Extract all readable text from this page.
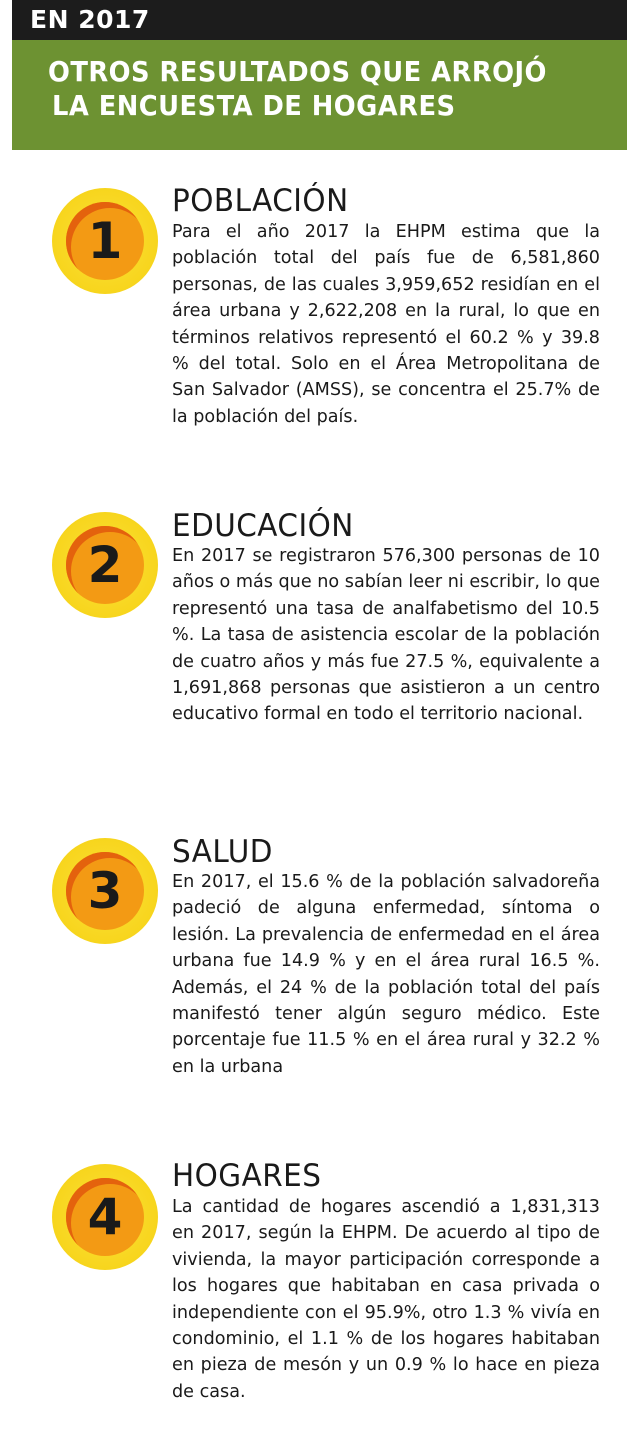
EN 2017
OTROS RESULTADOS QUE ARROJÓ
LA ENCUESTA DE HOGARES
1
POBLACIÓN
Para el año 2017 la EHPM estima que la población total del país fue de 6,581,860 personas, de las cuales 3,959,652 residían en el área urbana y 2,622,208 en la rural, lo que en términos relativos representó el 60.2 % y 39.8 % del total. Solo en el Área Metropolitana de San Salvador (AMSS), se concentra el 25.7% de la población del país.
2
EDUCACIÓN
En 2017 se registraron 576,300 personas de 10 años o más que no sabían leer ni escribir, lo que representó una tasa de analfabetismo del 10.5 %. La tasa de asistencia escolar de la población de cuatro años y más fue 27.5 %, equivalente a 1,691,868 personas que asistieron a un centro educativo formal en todo el territorio nacional.
3
SALUD
En 2017, el 15.6 % de la población salvadoreña padeció de alguna enfermedad, síntoma o lesión. La prevalencia de enfermedad en el área urbana fue 14.9 % y en el área rural 16.5 %. Además, el 24 % de la población total del país manifestó tener algún seguro médico. Este porcentaje fue 11.5 % en el área rural y 32.2 % en la urbana
4
HOGARES
La cantidad de hogares ascendió a 1,831,313 en 2017, según la EHPM. De acuerdo al tipo de vivienda, la mayor participación corresponde a los hogares que habitaban en casa privada o independiente con el 95.9%, otro 1.3 % vivía en condominio, el 1.1 % de los hogares habitaban en pieza de mesón y un 0.9 % lo hace en pieza de casa.
